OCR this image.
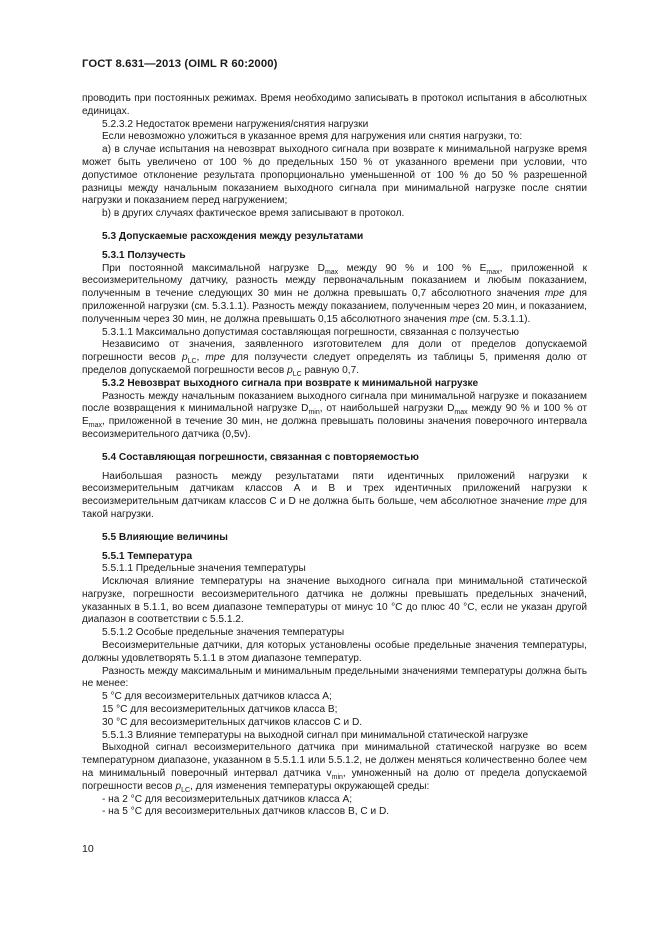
ГОСТ 8.631—2013 (OIML R 60:2000)

проводить при постоянных режимах. Время необходимо записывать в протокол испытания в абсолютных единицах.

5.2.3.2 Недостаток времени нагружения/снятия нагрузки

Если невозможно уложиться в указанное время для нагружения или снятия нагрузки, то:

а) в случае испытания на невозврат выходного сигнала при возврате к минимальной нагрузке время может быть увеличено от 100 % до предельных 150 % от указанного времени при условии, что допустимое отклонение результата пропорционально уменьшенной от 100 % до 50 % разрешенной разницы между начальным показанием выходного сигнала при минимальной нагрузке после снятии нагрузки и показанием перед нагружением;

b) в других случаях фактическое время записывают в протокол.

5.3 Допускаемые расхождения между результатами

5.3.1 Ползучесть

При постоянной максимальной нагрузке $D_{max}$ между 90 % и 100 % $E_{max}$, приложенной к весоизмерительному датчику, разность между первоначальным показанием и любым показанием, полученным в течение следующих 30 мин не должна превышать 0,7 абсолютного значения mpe для приложенной нагрузки (см. 5.3.1.1). Разность между показанием, полученным через 20 мин, и показанием, полученным через 30 мин, не должна превышать 0,15 абсолютного значения mpe (см. 5.3.1.1).

5.3.1.1 Максимально допустимая составляющая погрешности, связанная с ползучестью

Независимо от значения, заявленного изготовителем для доли от пределов допускаемой погрешности весов $p_{LC}$, mpe для ползучести следует определять из таблицы 5, применяя долю от пределов допускаемой погрешности весов $p_{LC}$ равную 0,7.

5.3.2 Невозврат выходного сигнала при возврате к минимальной нагрузке

Разность между начальным показанием выходного сигнала при минимальной нагрузке и показанием после возвращения к минимальной нагрузке $D_{min}$, от наибольшей нагрузки $D_{max}$ между 90 % и 100 % от $E_{max}$, приложенной в течение 30 мин, не должна превышать половины значения поверочного интервала весоизмерительного датчика (0,5v).

5.4 Составляющая погрешности, связанная с повторяемостью

Наибольшая разность между результатами пяти идентичных приложений нагрузки к весоизмерительным датчикам классов А и В и трех идентичных приложений нагрузки к весоизмерительным датчикам классов С и D не должна быть больше, чем абсолютное значение mpe для такой нагрузки.

5.5 Влияющие величины

5.5.1 Температура

5.5.1.1 Предельные значения температуры

Исключая влияние температуры на значение выходного сигнала при минимальной статической нагрузке, погрешности весоизмерительного датчика не должны превышать предельных значений, указанных в 5.1.1, во всем диапазоне температуры от минус 10 °С до плюс 40 °С, если не указан другой диапазон в соответствии с 5.5.1.2.

5.5.1.2 Особые предельные значения температуры

Весоизмерительные датчики, для которых установлены особые предельные значения температуры, должны удовлетворять 5.1.1 в этом диапазоне температур.

Разность между максимальным и минимальным предельными значениями температуры должна быть не менее:

5 °С для весоизмерительных датчиков класса А;

15 °С для весоизмерительных датчиков класса В;

30 °С для весоизмерительных датчиков классов С и D.

5.5.1.3 Влияние температуры на выходной сигнал при минимальной статической нагрузке

Выходной сигнал весоизмерительного датчика при минимальной статической нагрузке во всем температурном диапазоне, указанном в 5.5.1.1 или 5.5.1.2, не должен меняться количественно более чем на минимальный поверочный интервал датчика $v_{min}$, умноженный на долю от предела допускаемой погрешности весов $p_{LC}$, для изменения температуры окружающей среды:

- на 2 °С для весоизмерительных датчиков класса А;

- на 5 °С для весоизмерительных датчиков классов В, С и D.

10
